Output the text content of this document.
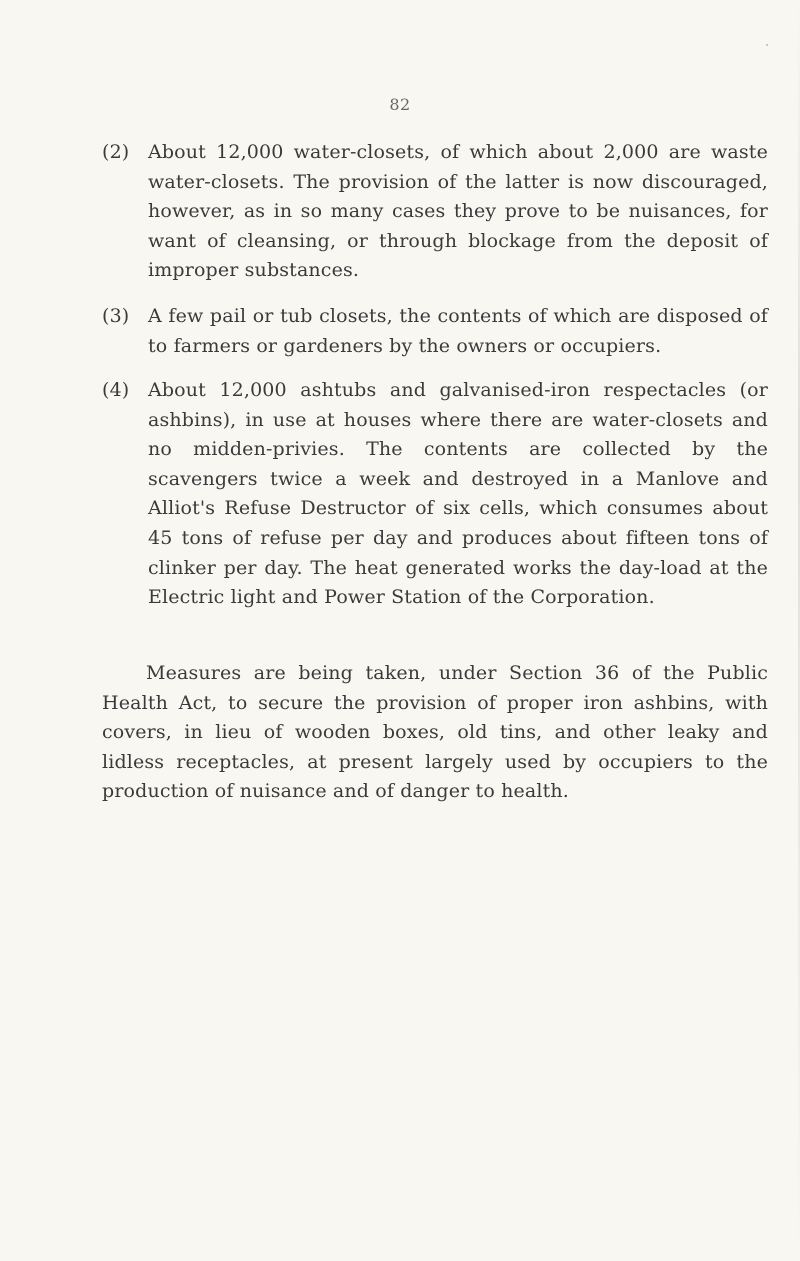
82
(2) About 12,000 water-closets, of which about 2,000 are waste water-closets. The provision of the latter is now discouraged, however, as in so many cases they prove to be nuisances, for want of cleansing, or through blockage from the deposit of improper substances.
(3) A few pail or tub closets, the contents of which are disposed of to farmers or gardeners by the owners or occupiers.
(4) About 12,000 ashtubs and galvanised-iron respectacles (or ashbins), in use at houses where there are water-closets and no midden-privies. The contents are collected by the scavengers twice a week and destroyed in a Manlove and Alliot's Refuse Destructor of six cells, which consumes about 45 tons of refuse per day and produces about fifteen tons of clinker per day. The heat generated works the day-load at the Electric light and Power Station of the Corporation.

Measures are being taken, under Section 36 of the Public Health Act, to secure the provision of proper iron ashbins, with covers, in lieu of wooden boxes, old tins, and other leaky and lidless receptacles, at present largely used by occupiers to the production of nuisance and of danger to health.
